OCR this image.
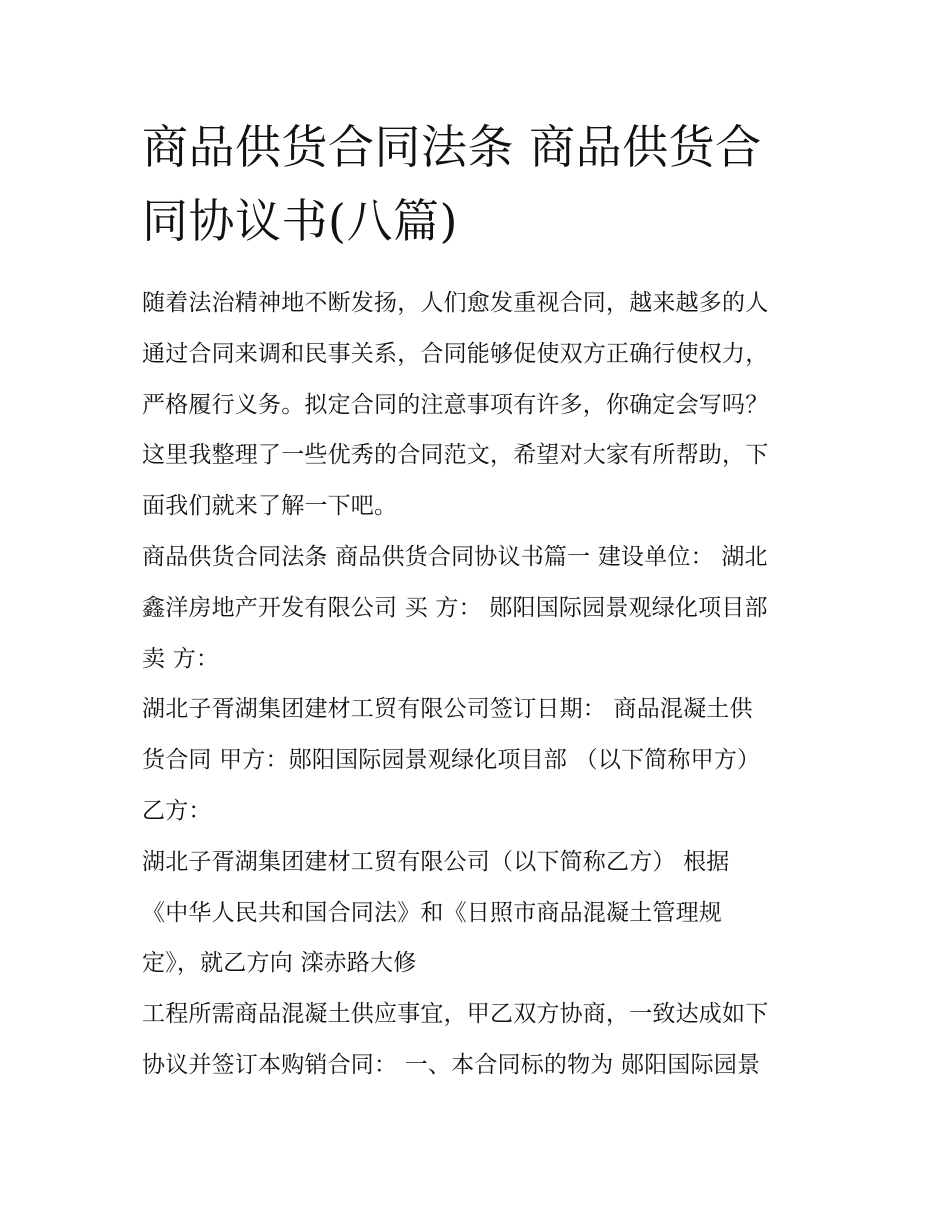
商品供货合同法条 商品供货合
同协议书(八篇)
随着法治精神地不断发扬，人们愈发重视合同，越来越多的人
通过合同来调和民事关系，合同能够促使双方正确行使权力，
严格履行义务。拟定合同的注意事项有许多，你确定会写吗？
这里我整理了一些优秀的合同范文，希望对大家有所帮助，下
面我们就来了解一下吧。
商品供货合同法条 商品供货合同协议书篇一 建设单位： 湖北
鑫洋房地产开发有限公司 买 方： 郧阳国际园景观绿化项目部
卖 方：
湖北子胥湖集团建材工贸有限公司签订日期： 商品混凝土供
货合同 甲方：郧阳国际园景观绿化项目部 （以下简称甲方）
乙方：
湖北子胥湖集团建材工贸有限公司（以下简称乙方） 根据
《中华人民共和国合同法》和《日照市商品混凝土管理规
定》，就乙方向 滦赤路大修
工程所需商品混凝土供应事宜，甲乙双方协商，一致达成如下
协议并签订本购销合同： 一、本合同标的物为 郧阳国际园景
